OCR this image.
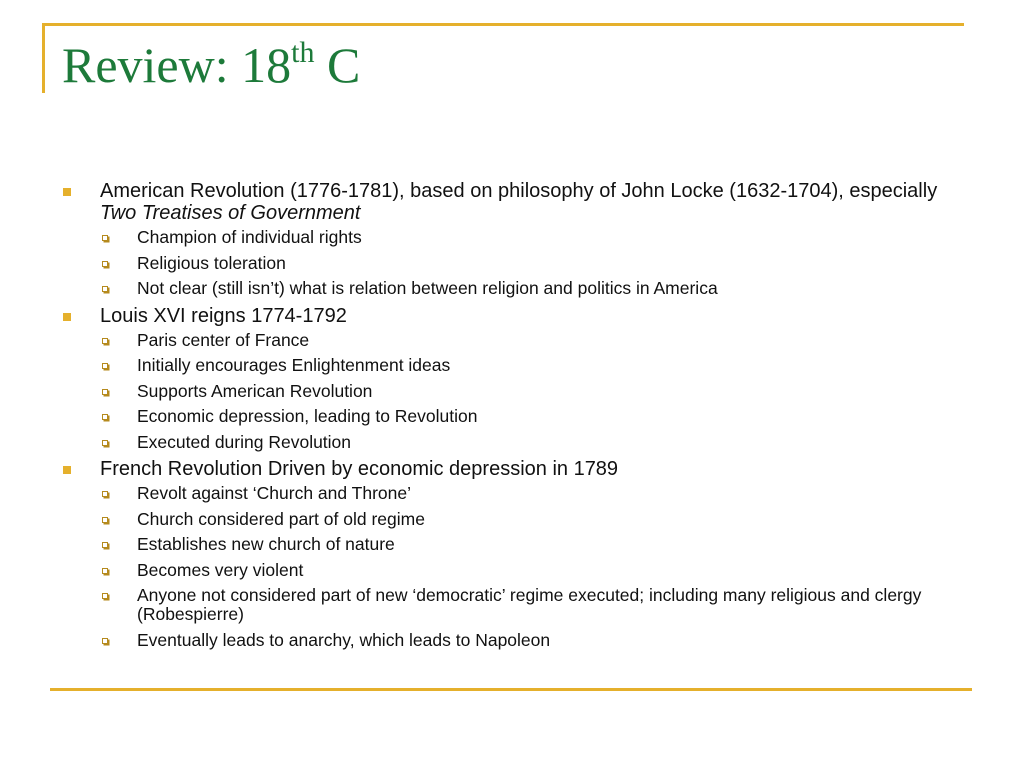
Review: 18th C
American Revolution (1776-1781), based on philosophy of John Locke (1632-1704), especially Two Treatises of Government
Champion of individual rights
Religious toleration
Not clear (still isn’t) what is relation between religion and politics in America
Louis XVI reigns 1774-1792
Paris center of France
Initially encourages Enlightenment ideas
Supports American Revolution
Economic depression, leading to Revolution
Executed during Revolution
French Revolution Driven by economic depression in 1789
Revolt against ‘Church and Throne’
Church considered part of old regime
Establishes new church of nature
Becomes very violent
Anyone not considered part of new ‘democratic’ regime executed; including many religious and clergy (Robespierre)
Eventually leads to anarchy, which leads to Napoleon
